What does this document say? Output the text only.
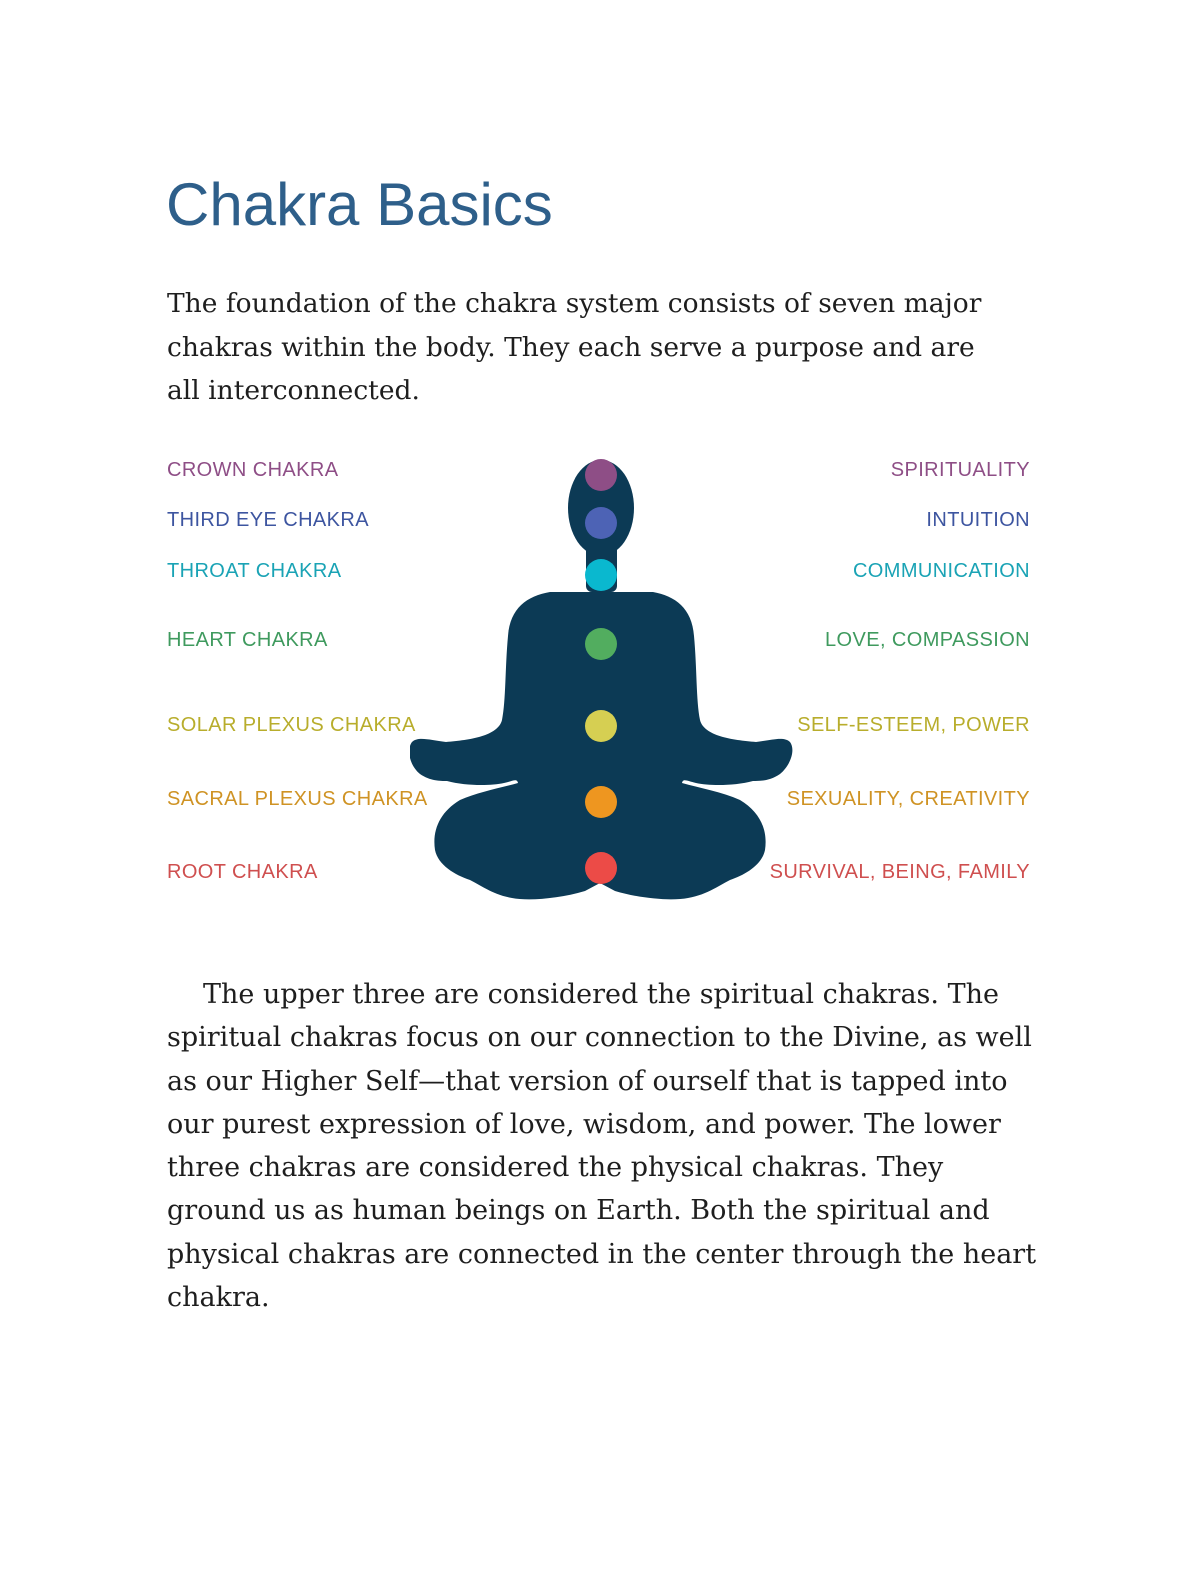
Chakra Basics

The foundation of the chakra system consists of seven major chakras within the body. They each serve a purpose and are all interconnected.

CROWN CHAKRA
THIRD EYE CHAKRA
THROAT CHAKRA
HEART CHAKRA
SOLAR PLEXUS CHAKRA
SACRAL PLEXUS CHAKRA
ROOT CHAKRA
SPIRITUALITY
INTUITION
COMMUNICATION
LOVE, COMPASSION
SELF-ESTEEM, POWER
SEXUALITY, CREATIVITY
SURVIVAL, BEING, FAMILY

The upper three are considered the spiritual chakras. The spiritual chakras focus on our connection to the Divine, as well as our Higher Self—that version of ourself that is tapped into our purest expression of love, wisdom, and power. The lower three chakras are considered the physical chakras. They ground us as human beings on Earth. Both the spiritual and physical chakras are connected in the center through the heart chakra.
